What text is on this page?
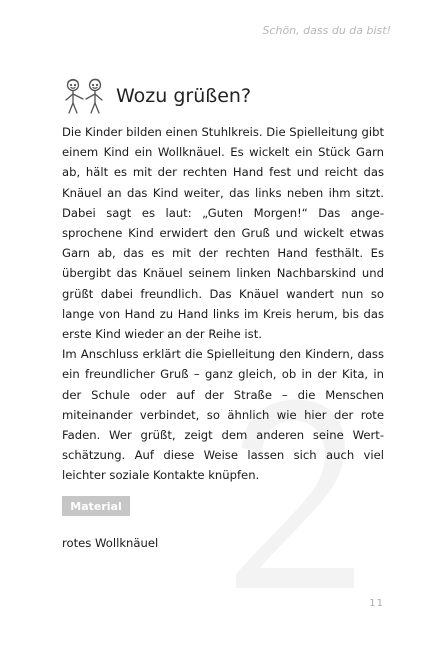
Schön, dass du da bist!
Wozu grüßen?

Die Kinder bilden einen Stuhlkreis. Die Spielleitung gibt einem Kind ein Wollknäuel. Es wickelt ein Stück Garn ab, hält es mit der rechten Hand fest und reicht das Knäuel an das Kind weiter, das links neben ihm sitzt. Dabei sagt es laut: „Guten Morgen!“ Das angesprochene Kind erwidert den Gruß und wickelt etwas Garn ab, das es mit der rechten Hand festhält. Es übergibt das Knäuel seinem linken Nachbarskind und grüßt dabei freundlich. Das Knäuel wandert nun so lange von Hand zu Hand links im Kreis herum, bis das erste Kind wieder an der Reihe ist.

Im Anschluss erklärt die Spielleitung den Kindern, dass ein freundlicher Gruß – ganz gleich, ob in der Kita, in der Schule oder auf der Straße – die Menschen miteinander verbindet, so ähnlich wie hier der rote Faden. Wer grüßt, zeigt dem anderen seine Wertschätzung. Auf diese Weise lassen sich auch viel leichter soziale Kontakte knüpfen.

Material
rotes Wollknäuel
11
